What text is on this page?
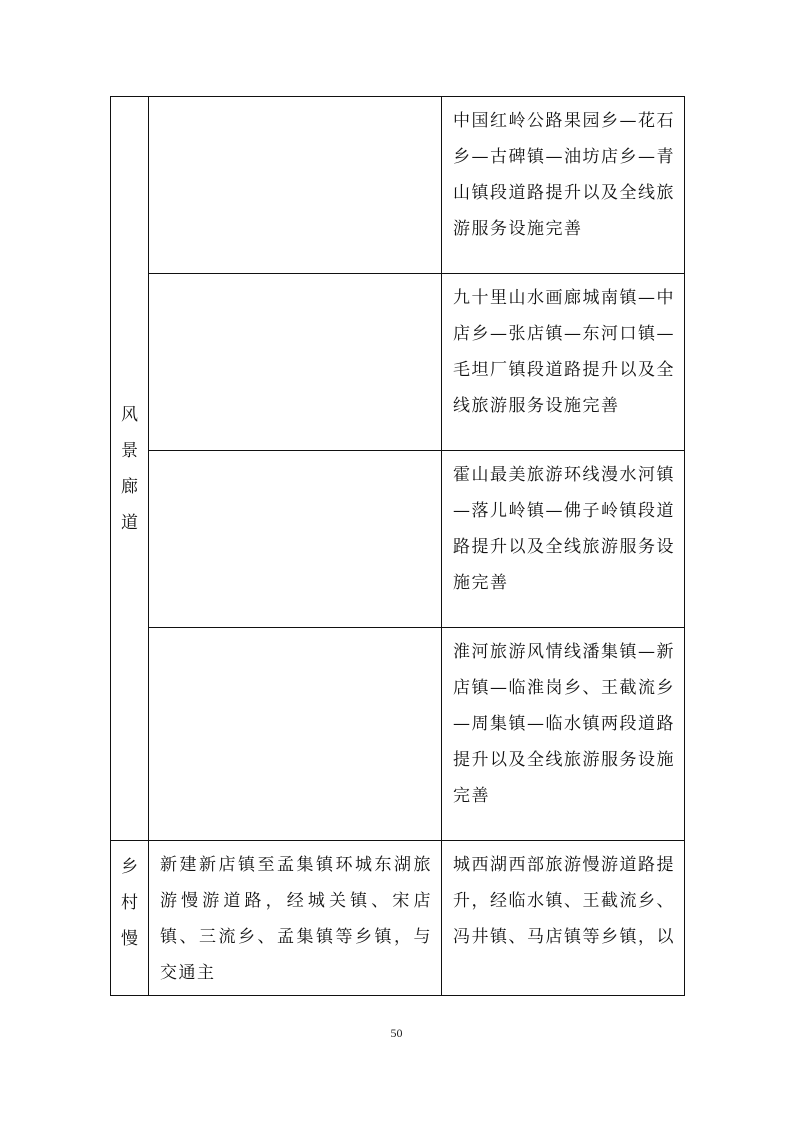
风
景
廊
道		中国红岭公路果园乡—花石乡—古碑镇—油坊店乡—青山镇段道路提升以及全线旅游服务设施完善

		九十里山水画廊城南镇—中店乡—张店镇—东河口镇—毛坦厂镇段道路提升以及全线旅游服务设施完善

		霍山最美旅游环线漫水河镇—落儿岭镇—佛子岭镇段道路提升以及全线旅游服务设施完善

		淮河旅游风情线潘集镇—新店镇—临淮岗乡、王截流乡—周集镇—临水镇两段道路提升以及全线旅游服务设施完善

乡
村
慢	新建新店镇至孟集镇环城东湖旅游慢游道路，经城关镇、宋店镇、三流乡、孟集镇等乡镇，与交通主	城西湖西部旅游慢游道路提升，经临水镇、王截流乡、冯井镇、马店镇等乡镇，以
50
